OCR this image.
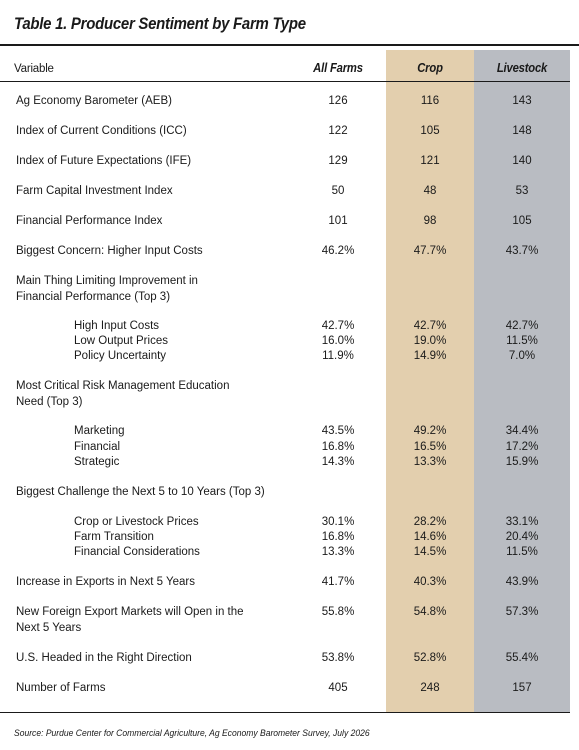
Table 1. Producer Sentiment by Farm Type
Variable	All Farms	Crop	Livestock
Ag Economy Barometer (AEB)	126	116	143
Index of Current Conditions (ICC)	122	105	148
Index of Future Expectations (IFE)	129	121	140
Farm Capital Investment Index	50	48	53
Financial Performance Index	101	98	105
Biggest Concern: Higher Input Costs	46.2%	47.7%	43.7%
Main Thing Limiting Improvement in
Financial Performance (Top 3)
High Input Costs	42.7%	42.7%	42.7%
Low Output Prices	16.0%	19.0%	11.5%
Policy Uncertainty	11.9%	14.9%	7.0%
Most Critical Risk Management Education
Need (Top 3)
Marketing	43.5%	49.2%	34.4%
Financial	16.8%	16.5%	17.2%
Strategic	14.3%	13.3%	15.9%
Biggest Challenge the Next 5 to 10 Years (Top 3)
Crop or Livestock Prices	30.1%	28.2%	33.1%
Farm Transition	16.8%	14.6%	20.4%
Financial Considerations	13.3%	14.5%	11.5%
Increase in Exports in Next 5 Years	41.7%	40.3%	43.9%
New Foreign Export Markets will Open in the	55.8%	54.8%	57.3%
Next 5 Years
U.S. Headed in the Right Direction	53.8%	52.8%	55.4%
Number of Farms	405	248	157
Source: Purdue Center for Commercial Agriculture, Ag Economy Barometer Survey, July 2026
